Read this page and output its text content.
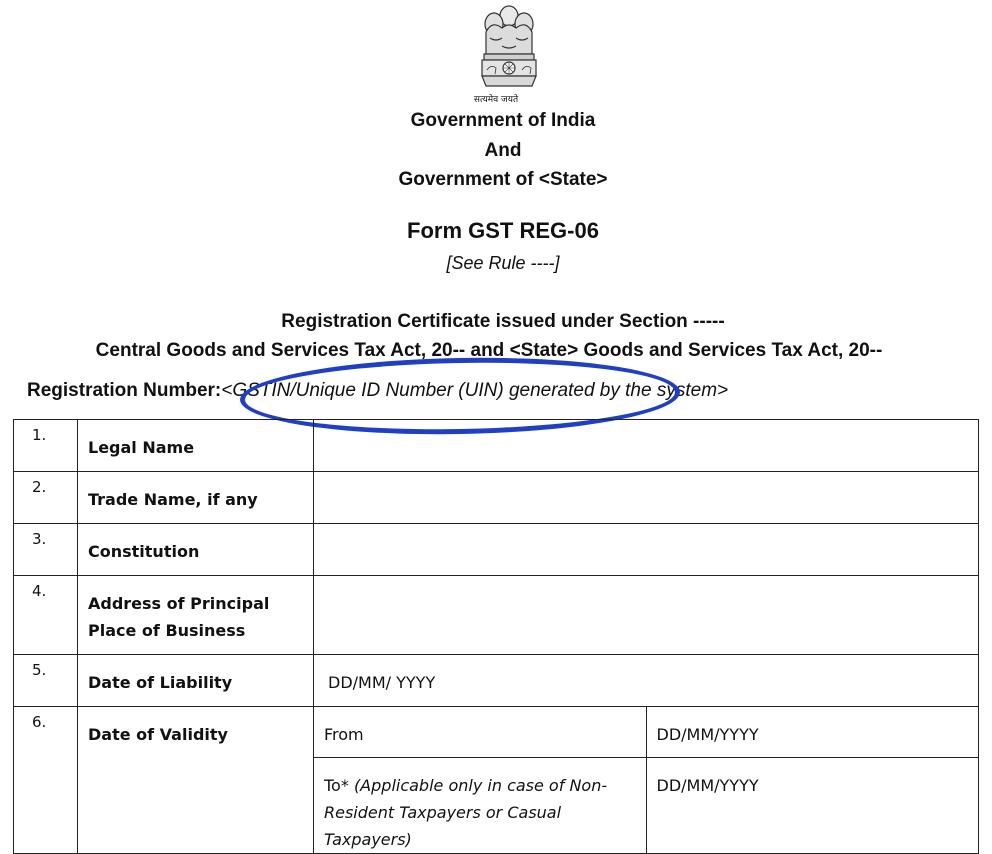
सत्यमेव जयते
Government of India
And
Government of <State>
Form GST REG-06
[See Rule ----]
Registration Certificate issued under Section -----
Central Goods and Services Tax Act, 20-- and <State> Goods and Services Tax Act, 20--
Registration Number:<GSTIN/Unique ID Number (UIN) generated by the system>
1.	Legal Name		
2.	Trade Name, if any		
3.	Constitution		
4.	Address of Principal Place of Business		
5.	Date of Liability	DD/MM/ YYYY	
6.	Date of Validity	From	DD/MM/YYYY
		To* (Applicable only in case of Non-Resident Taxpayers or Casual Taxpayers)	DD/MM/YYYY
